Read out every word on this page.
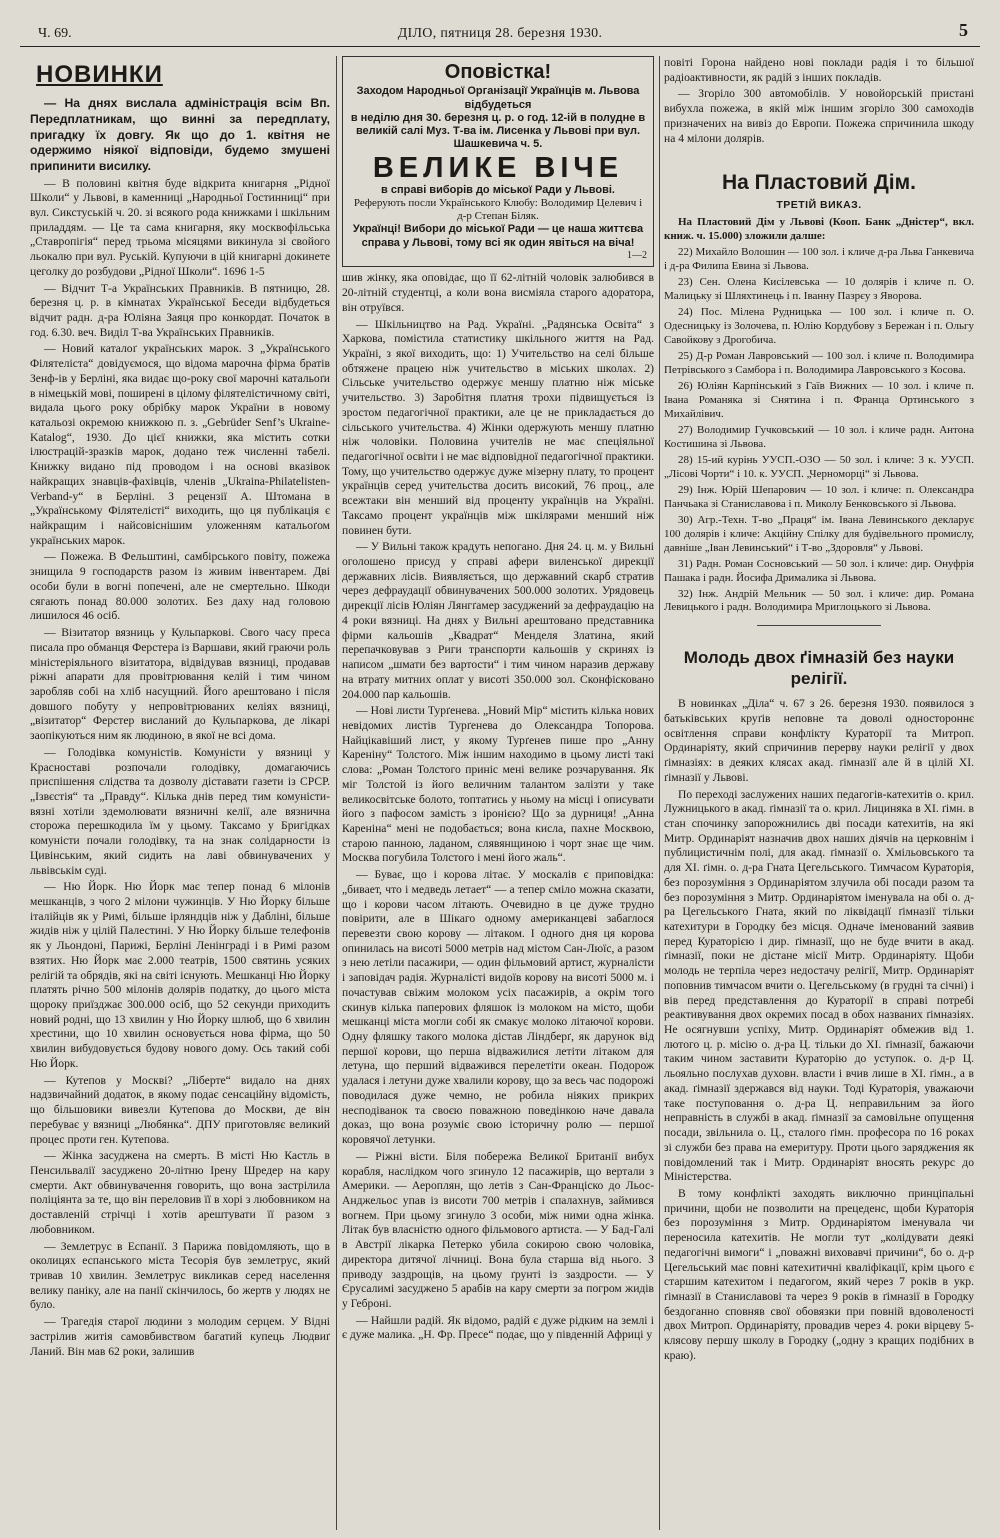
Ч. 69.	ДІЛО, пятниця 28. березня 1930.	5
НОВИНКИ

— На днях вислала адміністрація всім Вп. Передплатникам, що винні за передплату, пригадку їх довгу. Як що до 1. квітня не одержимо ніякої відповіди, будемо змушені припинити висилку.

— В половині квітня буде відкрита книгарня „Рідної Школи“ у Львові, в каменниці „Народньої Гостинниці“ при вул. Сикстуській ч. 20. зі всякого рода книжками і шкільним приладдям. — Це та сама книгарня, яку москвофільська „Ставропігія“ перед трьома місяцями викинула зі свойого льокалю при вул. Руській. Купуючи в цій книгарні докинете цеголку до розбудови „Рідної Школи“. 1696 1-5

— Відчит Т-а Українських Правників. В пятницю, 28. березня ц. р. в кімнатах Української Беседи відбудеться відчит радн. д-ра Юліяна Заяця про конкордат. Початок в год. 6.30. веч. Виділ Т-ва Українських Правників.

— Новий каталоґ українських марок. З „Українського Філятеліста“ довідуємося, що відома марочна фірма братів Зенф-ів у Берліні, яка видає що-року свої марочні катальоґи в німецькій мові, поширені в цілому філятелістичному світі, видала цього року обрібку марок України в новому катальозі окремою книжкою п. з. „Gebrüder Senf’s Ukraine-Katalog“, 1930. До цієї книжки, яка містить сотки ілюстрацій-зразків марок, додано теж численні табелі. Книжку видано під проводом і на основі вказівок найкращих знавців-фахівців, членів „Ukraina-Philatelisten-Verband-y“ в Берліні. З рецензії А. Штомана в „Українському Філятелісті“ виходить, що ця публікація є найкращим і найсовіснішим уложенням катальоґом українських марок.

— Пожежа. В Фельштині, самбірського повіту, пожежа знищила 9 господарств разом із живим інвентарем. Дві особи були в вогні попечені, але не смертельно. Шкоди сягають понад 80.000 золотих. Без даху над головою лишилося 46 осіб.

— Візитатор вязниць у Кульпаркові. Свого часу преса писала про обманця Ферстера із Варшави, який граючи роль міністеріяльного візитатора, відвідував вязниці, продавав ріжні апарати для провітрювання келій і тим чином заробляв собі на хліб насущний. Його арештовано і після довшого побуту у непровітрюваних келіях вязниці, „візитатор“ Ферстер висланий до Кульпаркова, де лікарі заопікуються ним як людиною, в якої не всі дома.

— Голодівка комуністів. Комуністи у вязниці у Красноставі розпочали голодівку, домагаючись приспішення слідства та дозволу діставати газети із СРСР. „Ізвєстія“ та „Правду“. Кілька днів перед тим комуністи-вязні хотіли здемолювати вязничні келії, але вязнична сторожа перешкодила їм у цьому. Таксамо у Бригідках комуністи почали голодівку, та на знак солідарности із Цивінським, який сидить на лаві обвинувачених у львівськім суді.

— Ню Йорк. Ню Йорк має тепер понад 6 мілонів мешканців, з чого 2 мілони чужинців. У Ню Йорку більше італійців як у Римі, більше ірляндців ніж у Дабліні, більше жидів ніж у цілій Палестині. У Ню Йорку більше телефонів як у Льондоні, Парижі, Берліні Ленінграді і в Римі разом взятих. Ню Йорк має 2.000 театрів, 1500 святинь усяких релігій та обрядів, які на світі існують. Мешканці Ню Йорку платять річно 500 мілонів долярів податку, до цього міста щороку приїзджає 300.000 осіб, що 52 секунди приходить новий родні, що 13 хвилин у Ню Йорку шлюб, що 6 хвилин хрестини, що 10 хвилин основується нова фірма, що 50 хвилин вибудовується будову нового дому. Ось такий собі Ню Йорк.

— Кутепов у Москві? „Ліберте“ видало на днях надзвичайний додаток, в якому подає сенсаційну відомість, що більшовики вивезли Кутепова до Москви, де він перебуває у вязниці „Любянка“. ДПУ приготовляє великий процес проти ген. Кутепова.

— Жінка засуджена на смерть. В місті Ню Кастль в Пенсильвалії засуджено 20-літню Ірену Шредер на кару смерти. Акт обвинувачення говорить, що вона застрілила поліціянта за те, що він переловив її в хорі з любовником на доставленій стрічці і хотів арештувати її разом з любовником.

— Землетрус в Еспанії. З Парижа повідомляють, що в околицях еспанського міста Тесорія був землетрус, який тривав 10 хвилин. Землетрус викликав серед населення велику паніку, але на панії скінчилось, бо жертв у людях не було.

— Трагедія старої людини з молодим серцем. У Відні застрілив житія самовбивством багатий купець Людвиґ Ланий. Він мав 62 роки, залишив

Оповістка!
Заходом Народньої Організації Українців м. Львова відбудеться
в неділю дня 30. березня ц. р. о год. 12-ій в полудне в великій салі Муз. Т-ва ім. Лисенка у Львові при вул. Шашкевича ч. 5.
ВЕЛИКЕ ВІЧЕ
в справі виборів до міської Ради у Львові.
Реферують посли Українського Клюбу: Володимир Целевич і д-р Степан Біляк.
Українці! Вибори до міської Ради — це наша життєва справа у Львові, тому всі як один явіться на віча!
1—2

шив жінку, яка оповідає, що її 62-літній чоловік залюбився в 20-літній студентці, а коли вона висміяла старого адоратора, він отруївся.

— Шкільництво на Рад. Україні. „Радянська Освіта“ з Харкова, помістила статистику шкільного життя на Рад. Україні, з якої виходить, що: 1) Учительство на селі більше обтяжене працею ніж учительство в міських школах. 2) Сільське учительство одержує меншу платню ніж міське учительство. 3) Заробітня платня трохи підвищується із зростом педагогічної практики, але це не прикладається до сільського учительства. 4) Жінки одержують меншу платню ніж чоловіки. Половина учителів не має спеціяльної педагогічної освіти і не має відповідної педагогічної практики. Тому, що учительство одержує дуже мізерну плату, то процент українців серед учительства досить високий, 76 проц., але всежтаки він менший від проценту українців на Україні. Таксамо процент українців між шкілярами менший ніж повинен бути.

— У Вильні також крадуть непогано. Дня 24. ц. м. у Вильні оголошено присуд у справі афери виленської дирекції державних лісів. Виявляється, що державний скарб стратив через дефраудації обвинувачених 500.000 золотих. Урядовець дирекції лісів Юліян Лянгґамер засуджений за дефраудацію на 4 роки вязниці. На днях у Вильні арештовано представника фірми кальошів „Квадрат“ Менделя Златина, який перепачковував з Риги транспорти кальошів у скринях із написом „шмати без вартости“ і тим чином наразив державу на втрату митних оплат у висоті 350.000 зол. Сконфісковано 204.000 пар кальошів.

— Нові листи Турґенева. „Новий Мір“ містить кілька нових невідомих листів Турґенева до Олександра Топорова. Найцікавіший лист, у якому Турґенев пише про „Анну Кареніну“ Толстого. Між іншим находимо в цьому листі такі слова: „Роман Толстого приніс мені велике розчарування. Як міг Толстой із його величним талантом залізти у таке великосвітське болото, топтатись у ньому на місці і описувати його з пафосом замість з іронією? Що за дурниця! „Анна Кареніна“ мені не подобається; вона кисла, пахне Москвою, старою панною, ладаном, слявянщиною і чорт знає ще чим. Москва погубила Толстого і мені його жаль“.

— Буває, що і корова літає. У москалів є приповідка: „бивает, что і медведь летает“ — а тепер сміло можна сказати, що і корови часом літають. Очевидно в це дуже трудно повірити, але в Шікаго одному американцеві забаглося перевезти свою корову — літаком. І одного дня ця корова опинилась на висоті 5000 метрів над містом Сан-Люїс, а разом з нею летіли пасажири, — один фільмовий артист, журналісти і заповідач радія. Журналісті видоїв корову на висоті 5000 м. і почастував свіжим молоком усіх пасажирів, а окрім того скинув кілька паперових фляшок із молоком на місто, щоби мешканці міста могли собі як смакує молоко літаючої корови. Одну фляшку такого молока дістав Ліндберґ, як дарунок від першої корови, що перша відважилися летіти літаком для летуна, що перший відважився перелетіти океан. Подорож удалася і летуни дуже хвалили корову, що за весь час подорожі поводилася дуже чемно, не робила ніяких прикрих несподіванок та своєю поважною поведінкою наче давала доказ, що вона розуміє свою історичну ролю — першої коровячої летунки.

— Ріжні вісти. Біля побережа Великої Британії вибух корабля, наслідком чого згинуло 12 пасажирів, що вертали з Америки. — Аероплян, що летів з Сан-Франціско до Льос-Анджельос упав із висоти 700 метрів і спалахнув, займився вогнем. При цьому згинуло 3 особи, між ними одна жінка. Літак був власністю одного фільмового артиста. — У Бад-Галі в Австрії лікарка Петерко убила сокирою свою чоловіка, директора дитячої лічниці. Вона була старша від нього. З приводу заздрощів, на цьому ґрунті із заздрости. — У Єрусалимі засуджено 5 арабів на кару смерти за погром жидів у Геброні.

— Найшли радій. Як відомо, радій є дуже рідким на землі і є дуже малика. „Н. Фр. Пресе“ подає, що у південній Африці у

повіті Горона найдено нові поклади радія і то більшої радіоактивности, як радій з інших покладів.

— Згоріло 300 автомобілів. У новойорській пристані вибухла пожежа, в якій між іншим згоріло 300 самоходів призначених на вивіз до Европи. Пожежа спричинила шкоду на 4 мілони долярів.

На Пластовий Дім.
ТРЕТІЙ ВИКАЗ.

На Пластовий Дім у Львові (Кооп. Банк „Дністер“, вкл. книж. ч. 15.000) зложили далше:

22) Михайло Волошин — 100 зол. і кличе д-ра Льва Ганкевича і д-ра Филипа Евина зі Львова.

23) Сен. Олена Кисілевська — 10 долярів і кличе п. О. Малицьку зі Шляхтинець і п. Іванну Пазрєу з Яворова.

24) Пос. Мілена Рудницька — 100 зол. і кличе п. О. Одесницьку із Золочева, п. Юлію Кордубову з Бережан і п. Ольгу Савойкову з Дрогобича.

25) Д-р Роман Лавровський — 100 зол. і кличе п. Володимира Петрівського з Самбора і п. Володимира Лавровського з Косова.

26) Юліян Карпінський з Гаїв Вижних — 10 зол. і кличе п. Івана Романяка зі Снятина і п. Франца Ортинського з Михайлівич.

27) Володимир Гучковський — 10 зол. і кличе радн. Антона Костишина зі Львова.

28) 15-ий курінь УУСП.-ОЗО — 50 зол. і кличе: 3 к. УУСП. „Лісові Чорти“ і 10. к. УУСП. „Черноморці“ зі Львова.

29) Інж. Юрій Шепарович — 10 зол. і кличе: п. Олександра Панчьака зі Станиславова і п. Миколу Бенковського зі Львова.

30) Агр.-Техн. Т-во „Праця“ ім. Івана Левинського декларує 100 долярів і кличе: Акційну Спілку для будівельного промислу, давніше „Іван Левинський“ і Т-во „Здоровля“ у Львові.

31) Радн. Роман Сосновський — 50 зол. і кличе: дир. Онуфрія Пашака і радн. Йосифа Дрималика зі Львова.

32) Інж. Андрій Мельник — 50 зол. і кличе: дир. Романа Левицького і радн. Володимира Мриглоцького зі Львова.

Молодь двох ґімназій без науки релігії.

В новинках „Діла“ ч. 67 з 26. березня 1930. появилося з батьківських круґів неповне та доволі одностороннє освітлення справи конфлікту Кураторії та Митроп. Ординаріяту, який спричинив перерву науки релігії у двох ґімназіях: в деяких клясах акад. ґімназії але й в цілій XI. ґімназії у Львові.

По переході заслужених наших педагогів-катехитів о. крил. Лужницького в акад. ґімназії та о. крил. Лициняка в XI. ґімн. в стан спочинку запорожнились дві посади катехитів, на які Митр. Ординаріят назначив двох наших діячів на церковнім і публицистичнім полі, для акад. ґімназії о. Хмільовського та для XI. ґімн. о. д-ра Гната Цегельського. Тимчасом Кураторія, без порозуміння з Ординаріятом злучила обі посади разом та без порозуміння з Митр. Ординаріятом іменувала на обі о. д-ра Цегельського Гната, який по ліквідації ґімназії тільки катехитури в Городку без місця. Одначе іменований заявив перед Кураторією і дир. ґімназії, що не буде вчити в акад. ґімназії, поки не дістане місії Митр. Ординаріяту. Щоби молодь не терпіла через недостачу релігії, Митр. Ординаріят поповнив тимчасом вчити о. Цегельському (в грудні та січні) і вів перед представлення до Кураторії в справі потребі реактивування двох окремих посад в обох названих ґімназіях. Не осягнувши успіху, Митр. Ординаріят обмежив від 1. лютого ц. р. місію о. д-ра Ц. тільки до XI. ґімназії, бажаючи таким чином заставити Кураторію до уступок. о. д-р Ц. льояльно послухав духовн. власти і вчив лише в XI. ґімн., а в акад. ґімназії здержався від науки. Тоді Кураторія, уважаючи таке поступовання о. д-ра Ц. неправильним за його неправність в службі в акад. ґімназії за самовільне опущення посади, звільнила о. Ц., сталого ґімн. професора по 16 роках зі служби без права на емеритуру. Проти цього заряджения як повідомлений так і Митр. Ординаріят вносять рекурс до Міністерства.

В тому конфлікті заходять виключно принціпальні причини, щоби не позволити на прецеденс, щоби Кураторія без порозуміння з Митр. Ординаріятом іменувала чи переносила катехитів. Не могли тут „колідувати деякі педагогічні вимоги“ і „поважні виховавчі причини“, бо о. д-р Цегельський має повні катехитичні кваліфікації, крім цього є старшим катехитом і педагогом, який через 7 років в укр. ґімназії в Станиславові та через 9 років в ґімназії в Городку бездоганно сповняв свої обовязки при повній вдоволеності двох Митроп. Ординаріяту, провадив через 4. роки вірцеву 5-клясову першу школу в Городку („одну з кращих подібних в краю).
